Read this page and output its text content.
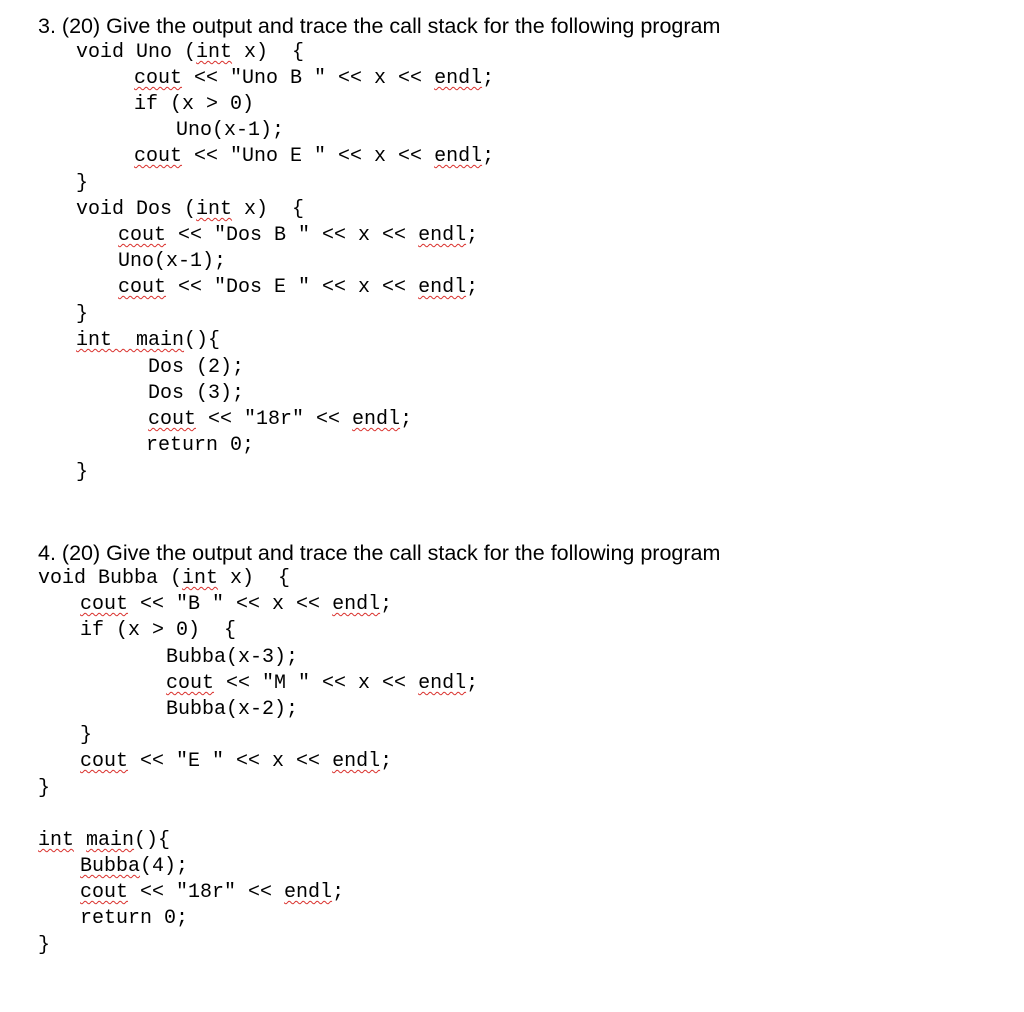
3. (20) Give the output and trace the call stack for the following program
void Uno (int x)  {
cout << "Uno B " << x << endl;
if (x > 0)
Uno(x-1);
cout << "Uno E " << x << endl;
}
void Dos (int x)  {
cout << "Dos B " << x << endl;
Uno(x-1);
cout << "Dos E " << x << endl;
}
int  main(){
Dos (2);
Dos (3);
cout << "18r" << endl;
return 0;
}
4. (20) Give the output and trace the call stack for the following program
void Bubba (int x)  {
cout << "B " << x << endl;
if (x > 0)  {
Bubba(x-3);
cout << "M " << x << endl;
Bubba(x-2);
}
cout << "E " << x << endl;
}
int main(){
Bubba(4);
cout << "18r" << endl;
return 0;
}
